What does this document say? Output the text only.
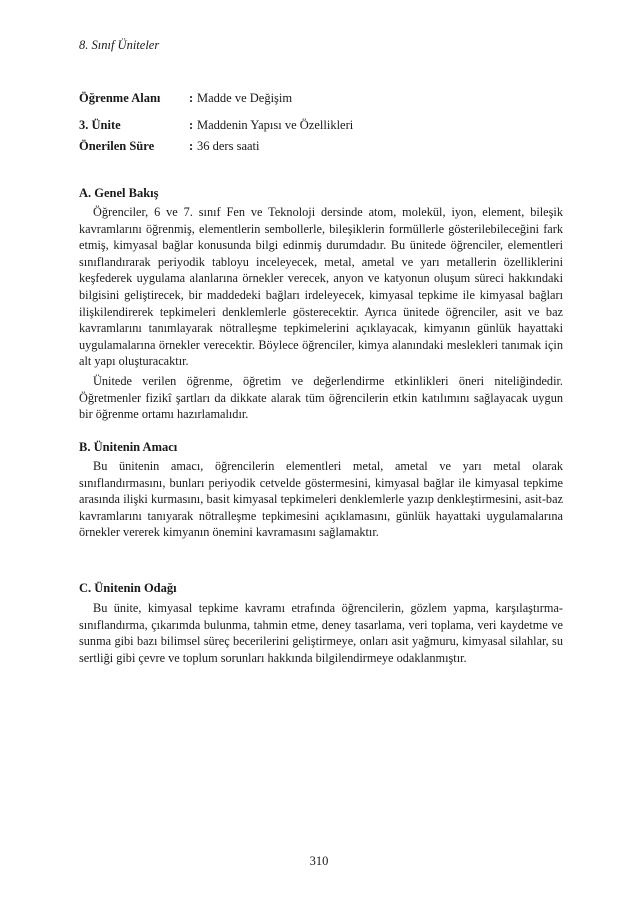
8. Sınıf Üniteler
Öğrenme Alanı : Madde ve Değişim
3. Ünite	: Maddenin Yapısı ve Özellikleri
Önerilen Süre	: 36 ders saati
A. Genel Bakış

Öğrenciler, 6 ve 7. sınıf Fen ve Teknoloji dersinde atom, molekül, iyon, element, bileşik kavramlarını öğrenmiş, elementlerin sembollerle, bileşiklerin formüllerle gösterilebileceğini fark etmiş, kimyasal bağlar konusunda bilgi edinmiş durumdadır. Bu ünitede öğrenciler, elementleri sınıflandırarak periyodik tabloyu inceleyecek, metal, ametal ve yarı metallerin özelliklerini keşfederek uygulama alanlarına örnekler verecek, anyon ve katyonun oluşum süreci hakkındaki bilgisini geliştirecek, bir maddedeki bağları irdeleyecek, kimyasal tepkime ile kimyasal bağları ilişkilendirerek tepkimeleri denklemlerle gösterecektir. Ayrıca ünitede öğrenciler, asit ve baz kavramlarını tanımlayarak nötralleşme tepkimelerini açıklayacak, kimyanın günlük hayattaki uygulamalarına örnekler verecektir. Böylece öğrenciler, kimya alanındaki meslekleri tanımak için alt yapı oluşturacaktır.

Ünitede verilen öğrenme, öğretim ve değerlendirme etkinlikleri öneri niteliğindedir. Öğretmenler fizikî şartları da dikkate alarak tüm öğrencilerin etkin katılımını sağlayacak uygun bir öğrenme ortamı hazırlamalıdır.

B. Ünitenin Amacı

Bu ünitenin amacı, öğrencilerin elementleri metal, ametal ve yarı metal olarak sınıflandırmasını, bunları periyodik cetvelde göstermesini, kimyasal bağlar ile kimyasal tepkime arasında ilişki kurmasını, basit kimyasal tepkimeleri denklemlerle yazıp denkleştirmesini, asit-baz kavramlarını tanıyarak nötralleşme tepkimesini açıklamasını, günlük hayattaki uygulamalarına örnekler vererek kimyanın önemini kavramasını sağlamaktır.

C. Ünitenin Odağı

Bu ünite, kimyasal tepkime kavramı etrafında öğrencilerin, gözlem yapma, karşılaştırma-sınıflandırma, çıkarımda bulunma, tahmin etme, deney tasarlama, veri toplama, veri kaydetme ve sunma gibi bazı bilimsel süreç becerilerini geliştirmeye, onları asit yağmuru, kimyasal silahlar, su sertliği gibi çevre ve toplum sorunları hakkında bilgilendirmeye odaklanmıştır.

310
